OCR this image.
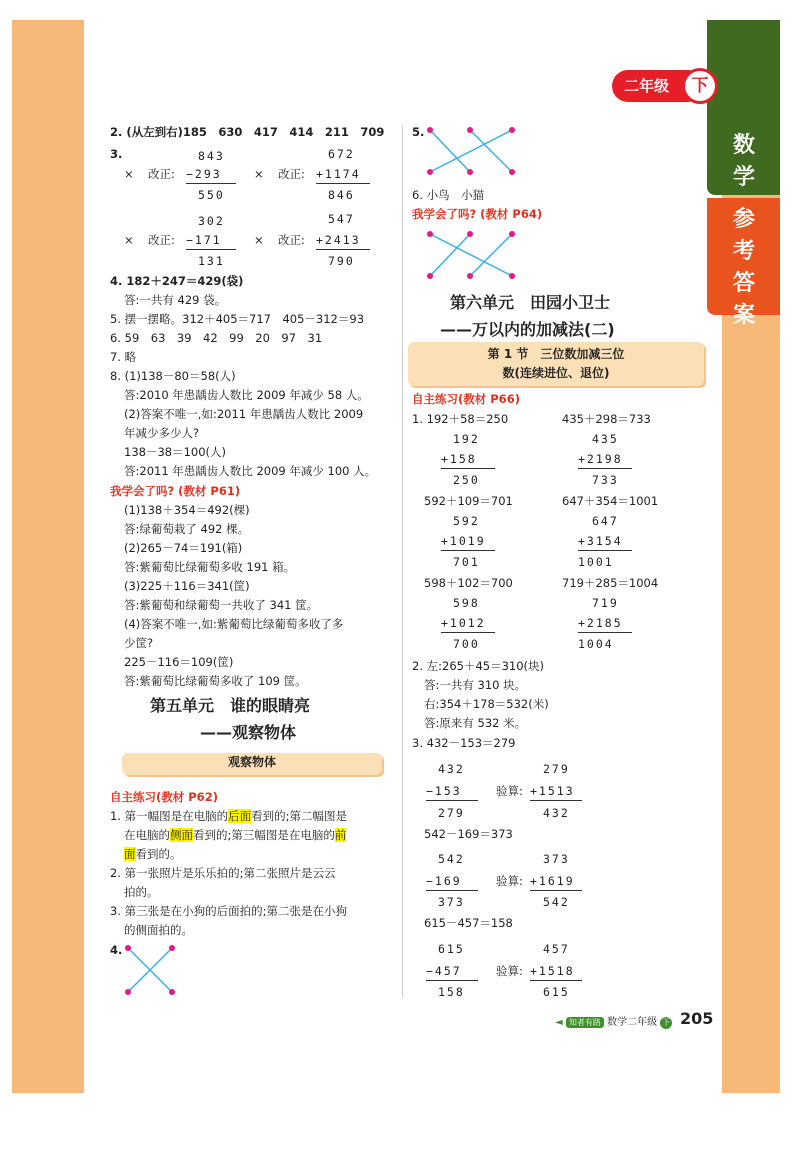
数学
参考答案
二年级	下
2. (从左到右)185　630　417　414　211　709
3.
× 改正:
843
−293
550
× 改正:
672
+1174
846
× 改正:
302
−171
131
× 改正:
547
+2413
790
4. 182＋247＝429(袋)
答:一共有 429 袋。
5. 摆一摆略。312＋405＝717　405－312＝93
6. 59　63　39　42　99　20　97　31
7. 略
8. (1)138－80＝58(人)
答:2010 年患龋齿人数比 2009 年减少 58 人。
(2)答案不唯一,如:2011 年患龋齿人数比 2009
年减少多少人?
138－38＝100(人)
答:2011 年患龋齿人数比 2009 年减少 100 人。
我学会了吗? (教材 P61)
(1)138＋354＝492(棵)
答:绿葡萄栽了 492 棵。
(2)265－74＝191(箱)
答:紫葡萄比绿葡萄多收 191 箱。
(3)225＋116＝341(筐)
答:紫葡萄和绿葡萄一共收了 341 筐。
(4)答案不唯一,如:紫葡萄比绿葡萄多收了多
少筐?
225－116＝109(筐)
答:紫葡萄比绿葡萄多收了 109 筐。
第五单元　谁的眼睛亮
——观察物体
观察物体
自主练习(教材 P62)
1. 第一幅图是在电脑的后面看到的;第二幅图是
在电脑的侧面看到的;第三幅图是在电脑的前
面看到的。
2. 第一张照片是乐乐拍的;第二张照片是云云
拍的。
3. 第三张是在小狗的后面拍的;第二张是在小狗
的侧面拍的。
4.
5.
6. 小鸟　小猫
我学会了吗? (教材 P64)
第六单元　田园小卫士
——万以内的加减法(二)
第 1 节　三位数加减三位
数(连续进位、退位)
自主练习(教材 P66)
1. 192＋58＝250	435＋298＝733
192
+158
250
435
+2198
733
592＋109＝701	647＋354＝1001
592
+1019
701
647
+3154
1001
598＋102＝700	719＋285＝1004
598
+1012
700
719
+2185
1004
2. 左:265＋45＝310(块)
答:一共有 310 块。
右:354＋178＝532(米)
答:原来有 532 米。
3. 432－153＝279
432
−153
279
验算:
279
+1513
432
542－169＝373
542
−169
373
验算:
373
+1619
542
615－457＝158
615
−457
158
验算:
457
+1518
615
◄ 知者有路 数学二年级 下 205
